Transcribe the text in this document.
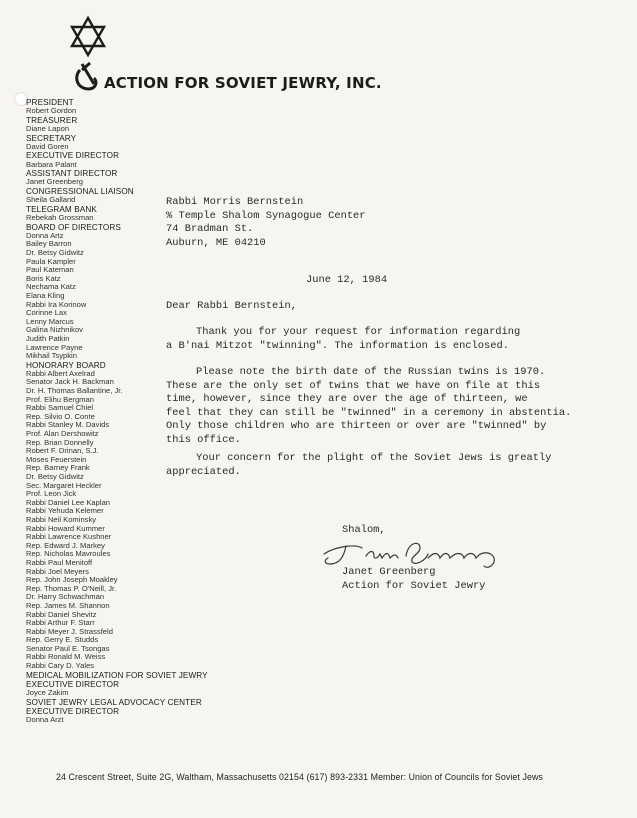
ACTION FOR SOVIET JEWRY, INC.
PRESIDENT
Robert Gordon
TREASURER
Diane Lapon
SECRETARY
David Goren
EXECUTIVE DIRECTOR
Barbara Palant
ASSISTANT DIRECTOR
Janet Greenberg
CONGRESSIONAL LIAISON
Sheila Galland
TELEGRAM BANK
Rebekah Grossman
BOARD OF DIRECTORS
Donna Artz
Bailey Barron
Dr. Betsy Gidwitz
Paula Kampler
Paul Kateman
Boris Katz
Nechama Katz
Elana Kling
Rabbi Ira Korinow
Corinne Lax
Lenny Marcus
Galina Nizhnikov
Judith Patkin
Lawrence Payne
Mikhail Tsypkin
HONORARY BOARD
Rabbi Albert Axelrad
Senator Jack H. Backman
Dr. H. Thomas Ballantine, Jr.
Prof. Elihu Bergman
Rabbi Samuel Chiel
Rep. Silvio O. Conte
Rabbi Stanley M. Davids
Prof. Alan Dershowitz
Rep. Brian Donnelly
Robert F. Drinan, S.J.
Moses Feuerstein
Rep. Barney Frank
Dr. Betsy Gidwitz
Sec. Margaret Heckler
Prof. Leon Jick
Rabbi Daniel Lee Kaplan
Rabbi Yehuda Kelemer
Rabbi Neil Kominsky
Rabbi Howard Kummer
Rabbi Lawrence Kushner
Rep. Edward J. Markey
Rep. Nicholas Mavroules
Rabbi Paul Menitoff
Rabbi Joel Meyers
Rep. John Joseph Moakley
Rep. Thomas P. O'Neill, Jr.
Dr. Harry Schwachman
Rep. James M. Shannon
Rabbi Daniel Shevitz
Rabbi Arthur F. Starr
Rabbi Meyer J. Strassfeld
Rep. Gerry E. Studds
Senator Paul E. Tsongas
Rabbi Ronald M. Weiss
Rabbi Cary D. Yales
MEDICAL MOBILIZATION FOR SOVIET JEWRY
EXECUTIVE DIRECTOR
Joyce Zakim
SOVIET JEWRY LEGAL ADVOCACY CENTER
EXECUTIVE DIRECTOR
Donna Arzt
Rabbi Morris Bernstein
% Temple Shalom Synagogue Center
74 Bradman St.
Auburn, ME 04210
June 12, 1984
Dear Rabbi Bernstein,
Thank you for your request for information regarding
a B'nai Mitzot "twinning". The information is enclosed.
Please note the birth date of the Russian twins is 1970.
These are the only set of twins that we have on file at this
time, however, since they are over the age of thirteen, we
feel that they can still be "twinned" in a ceremony in abstentia.
Only those children who are thirteen or over are "twinned" by
this office.
Your concern for the plight of the Soviet Jews is greatly
appreciated.
Shalom,
Janet Greenberg
Action for Soviet Jewry
24 Crescent Street, Suite 2G, Waltham, Massachusetts 02154 (617) 893-2331 Member: Union of Councils for Soviet Jews
